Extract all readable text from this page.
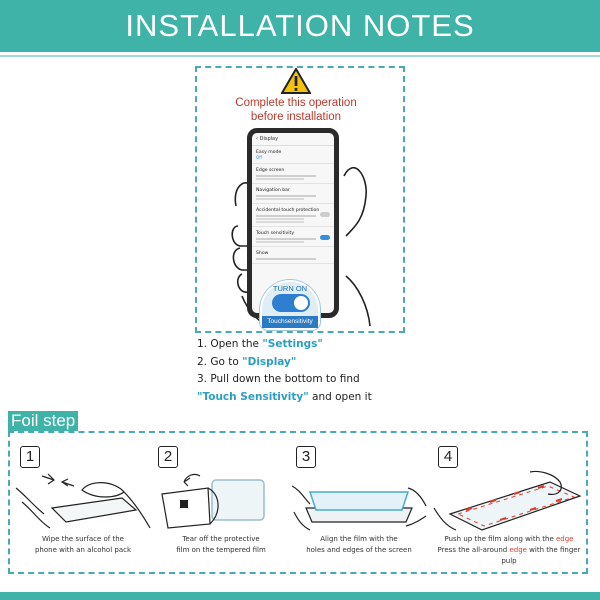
INSTALLATION NOTES
Complete this operation
before installation
‹ Display
Easy mode
Off
Edge screen
Navigation bar
Accidental touch protection
Touch sensitivity
Show
TURN ON
Touchsensitivity
1. Open the "Settings"
2. Go to "Display"
3. Pull down the bottom to find
"Touch Sensitivity" and open it
Foil step
1
Wipe the surface of the
phone with an alcohol pack
2
Tear off the protective
film on the tempered film
3
Align the film with the
holes and edges of the screen
4
Push up the film along with the edge
Press the all-around edge with the finger pulp
